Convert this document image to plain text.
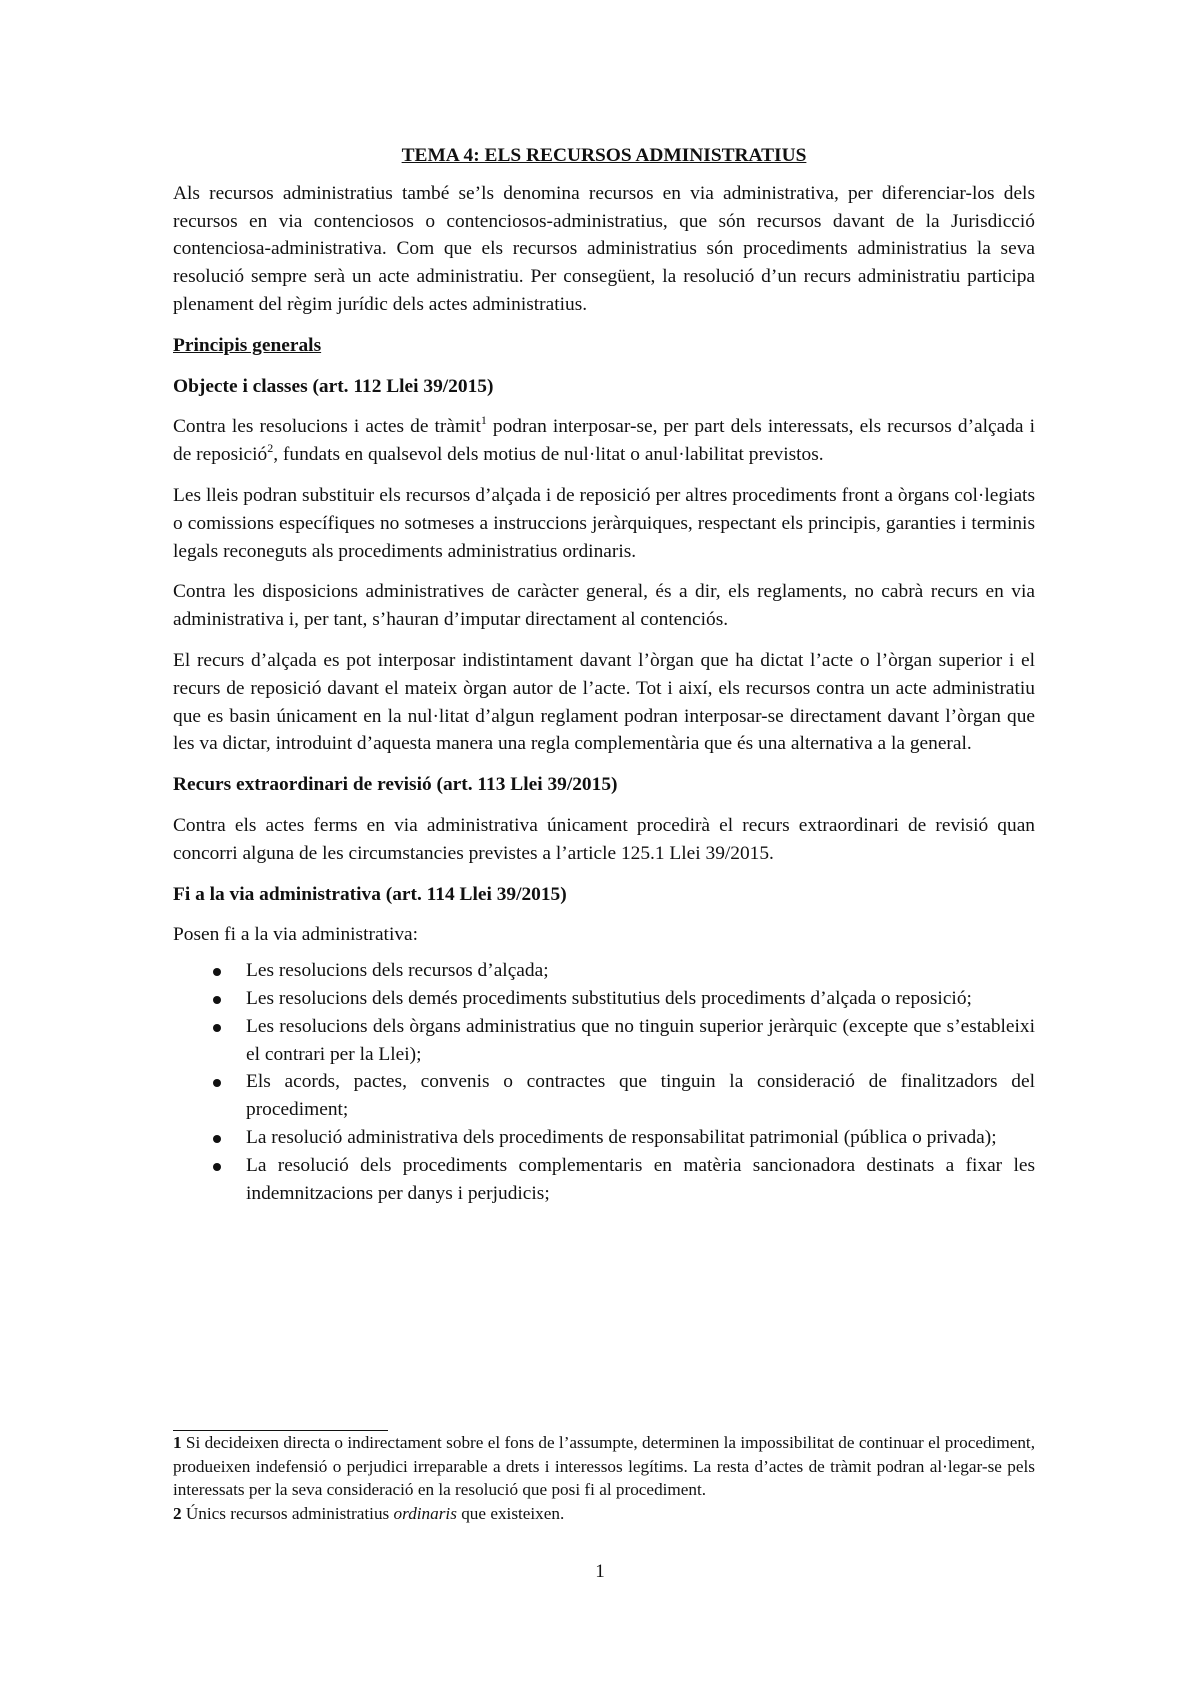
TEMA 4: ELS RECURSOS ADMINISTRATIUS

Als recursos administratius també se’ls denomina recursos en via administrativa, per diferenciar-los dels recursos en via contenciosos o contenciosos-administratius, que són recursos davant de la Jurisdicció contenciosa-administrativa. Com que els recursos administratius són procediments administratius la seva resolució sempre serà un acte administratiu. Per consegüent, la resolució d’un recurs administratiu participa plenament del règim jurídic dels actes administratius.

Principis generals
Objecte i classes (art. 112 Llei 39/2015)

Contra les resolucions i actes de tràmit$^1$ podran interposar-se, per part dels interessats, els recursos d’alçada i de reposició$^2$, fundats en qualsevol dels motius de nul·litat o anul·labilitat previstos.

Les lleis podran substituir els recursos d’alçada i de reposició per altres procediments front a òrgans col·legiats o comissions específiques no sotmeses a instruccions jeràrquiques, respectant els principis, garanties i terminis legals reconeguts als procediments administratius ordinaris.

Contra les disposicions administratives de caràcter general, és a dir, els reglaments, no cabrà recurs en via administrativa i, per tant, s’hauran d’imputar directament al contenciós.

El recurs d’alçada es pot interposar indistintament davant l’òrgan que ha dictat l’acte o l’òrgan superior i el recurs de reposició davant el mateix òrgan autor de l’acte. Tot i així, els recursos contra un acte administratiu que es basin únicament en la nul·litat d’algun reglament podran interposar-se directament davant l’òrgan que les va dictar, introduint d’aquesta manera una regla complementària que és una alternativa a la general.

Recurs extraordinari de revisió (art. 113 Llei 39/2015)

Contra els actes ferms en via administrativa únicament procedirà el recurs extraordinari de revisió quan concorri alguna de les circumstancies previstes a l’article 125.1 Llei 39/2015.

Fi a la via administrativa (art. 114 Llei 39/2015)

Posen fi a la via administrativa:

Les resolucions dels recursos d’alçada;
Les resolucions dels demés procediments substitutius dels procediments d’alçada o reposició;
Les resolucions dels òrgans administratius que no tinguin superior jeràrquic (excepte que s’estableixi el contrari per la Llei);
Els acords, pactes, convenis o contractes que tinguin la consideració de finalitzadors del procediment;
La resolució administrativa dels procediments de responsabilitat patrimonial (pública o privada);
La resolució dels procediments complementaris en matèria sancionadora destinats a fixar les indemnitzacions per danys i perjudicis;

1 Si decideixen directa o indirectament sobre el fons de l’assumpte, determinen la impossibilitat de continuar el procediment, produeixen indefensió o perjudici irreparable a drets i interessos legítims. La resta d’actes de tràmit podran al·legar-se pels interessats per la seva consideració en la resolució que posi fi al procediment.

2 Únics recursos administratius ordinaris que existeixen.

1
